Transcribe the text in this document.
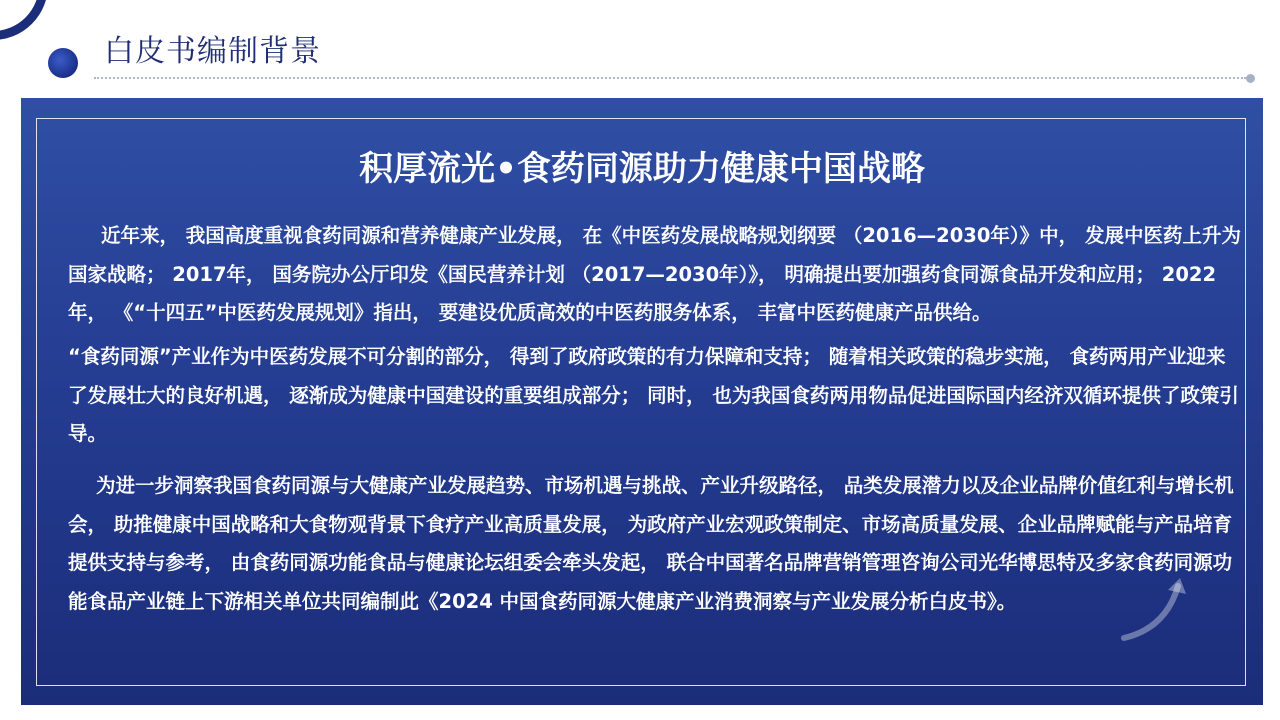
白皮书编制背景
积厚流光•食药同源助力健康中国战略

近年来， 我国高度重视食药同源和营养健康产业发展， 在《中医药发展战略规划纲要 （2016—2030年）》中， 发展中医药上升为国家战略； 2017年， 国务院办公厅印发《国民营养计划 （2017—2030年）》， 明确提出要加强药食同源食品开发和应用； 2022年， 《“十四五”中医药发展规划》指出， 要建设优质高效的中医药服务体系， 丰富中医药健康产品供给。

“食药同源”产业作为中医药发展不可分割的部分， 得到了政府政策的有力保障和支持； 随着相关政策的稳步实施， 食药两用产业迎来了发展壮大的良好机遇， 逐渐成为健康中国建设的重要组成部分； 同时， 也为我国食药两用物品促进国际国内经济双循环提供了政策引导。

为进一步洞察我国食药同源与大健康产业发展趋势、市场机遇与挑战、产业升级路径， 品类发展潜力以及企业品牌价值红利与增长机会， 助推健康中国战略和大食物观背景下食疗产业高质量发展， 为政府产业宏观政策制定、市场高质量发展、企业品牌赋能与产品培育提供支持与参考， 由食药同源功能食品与健康论坛组委会牵头发起， 联合中国著名品牌营销管理咨询公司光华博思特及多家食药同源功能食品产业链上下游相关单位共同编制此《2024 中国食药同源大健康产业消费洞察与产业发展分析白皮书》。
